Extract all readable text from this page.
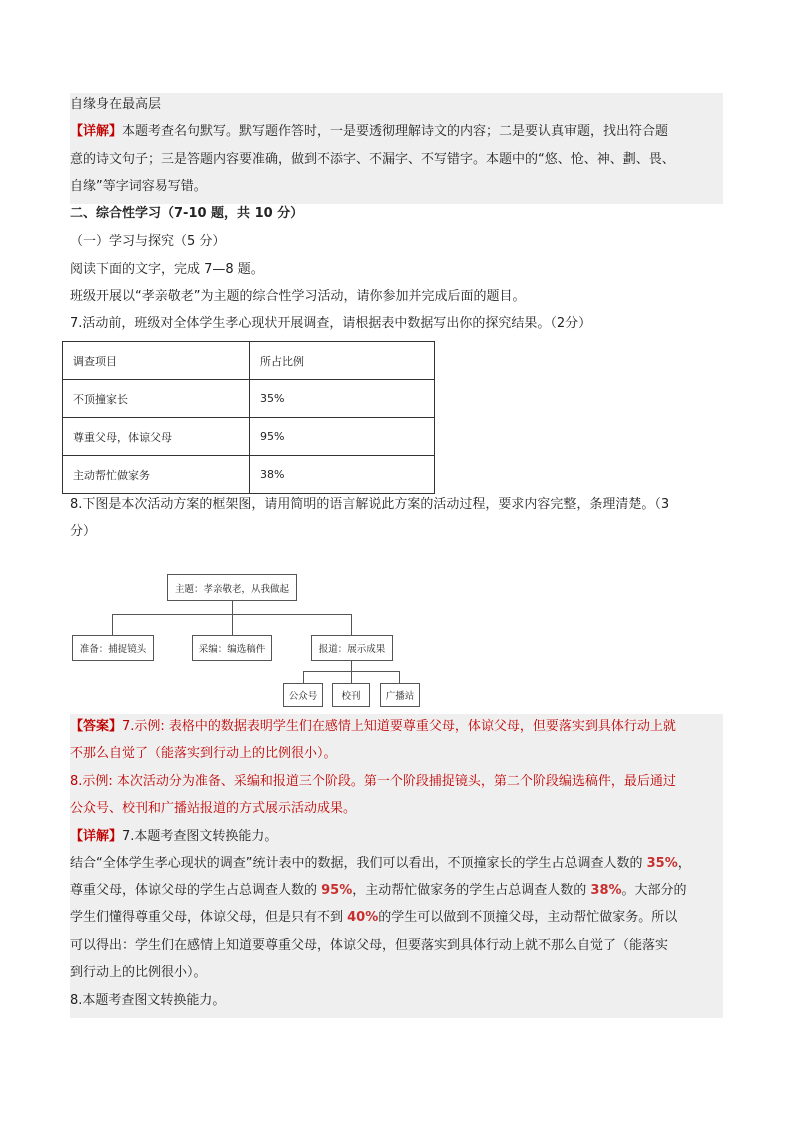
自缘身在最高层
【详解】本题考查名句默写。默写题作答时，一是要透彻理解诗文的内容；二是要认真审题，找出符合题
意的诗文句子；三是答题内容要准确，做到不添字、不漏字、不写错字。本题中的“悠、怆、神、劃、畏、
自缘”等字词容易写错。
二、综合性学习（7-10 题，共 10 分）
（一）学习与探究（5 分）
阅读下面的文字，完成 7—8 题。
班级开展以“孝亲敬老”为主题的综合性学习活动，请你参加并完成后面的题目。
7.活动前，班级对全体学生孝心现状开展调查，请根据表中数据写出你的探究结果。（2分）
调查项目	所占比例
不顶撞家长	35%
尊重父母，体谅父母	95%
主动帮忙做家务	38%
8.下图是本次活动方案的框架图，请用简明的语言解说此方案的活动过程，要求内容完整，条理清楚。（3
分）
主题：孝亲敬老，从我做起
准备：捕捉镜头	采编：编选稿件	报道：展示成果
公众号	校刊	广播站
【答案】7.示例: 表格中的数据表明学生们在感情上知道要尊重父母，体谅父母，但要落实到具体行动上就
不那么自觉了（能落实到行动上的比例很小）。
8.示例: 本次活动分为准备、采编和报道三个阶段。第一个阶段捕捉镜头，第二个阶段编选稿件，最后通过
公众号、校刊和广播站报道的方式展示活动成果。
【详解】7.本题考查图文转换能力。
结合“全体学生孝心现状的调查”统计表中的数据，我们可以看出，不顶撞家长的学生占总调查人数的 35%，
尊重父母，体谅父母的学生占总调查人数的 95%，主动帮忙做家务的学生占总调查人数的 38%。大部分的
学生们懂得尊重父母，体谅父母，但是只有不到 40%的学生可以做到不顶撞父母，主动帮忙做家务。所以
可以得出：学生们在感情上知道要尊重父母，体谅父母，但要落实到具体行动上就不那么自觉了（能落实
到行动上的比例很小）。
8.本题考查图文转换能力。
